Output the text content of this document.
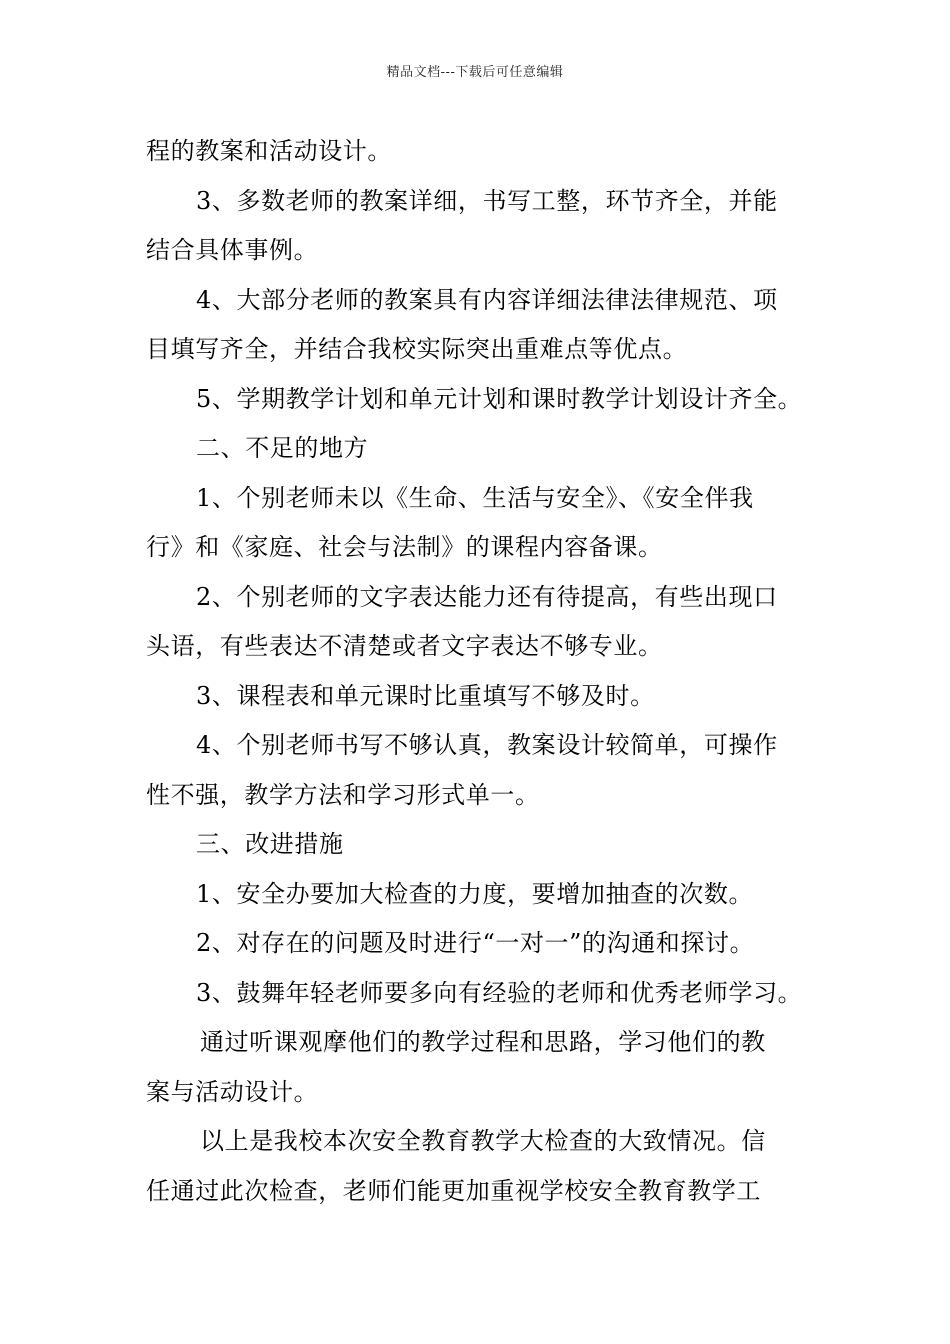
精品文档---下载后可任意编辑
程的教案和活动设计。
3、多数老师的教案详细，书写工整，环节齐全，并能
结合具体事例。
4、大部分老师的教案具有内容详细法律法律规范、项
目填写齐全，并结合我校实际突出重难点等优点。
5、学期教学计划和单元计划和课时教学计划设计齐全。
二、不足的地方
1、个别老师未以《生命、生活与安全》、《安全伴我
行》和《家庭、社会与法制》的课程内容备课。
2、个别老师的文字表达能力还有待提高，有些出现口
头语，有些表达不清楚或者文字表达不够专业。
3、课程表和单元课时比重填写不够及时。
4、个别老师书写不够认真，教案设计较简单，可操作
性不强，教学方法和学习形式单一。
三、改进措施
1、安全办要加大检查的力度，要增加抽查的次数。
2、对存在的问题及时进行“一对一”的沟通和探讨。
3、鼓舞年轻老师要多向有经验的老师和优秀老师学习。
通过听课观摩他们的教学过程和思路，学习他们的教
案与活动设计。
以上是我校本次安全教育教学大检查的大致情况。信
任通过此次检查，老师们能更加重视学校安全教育教学工
